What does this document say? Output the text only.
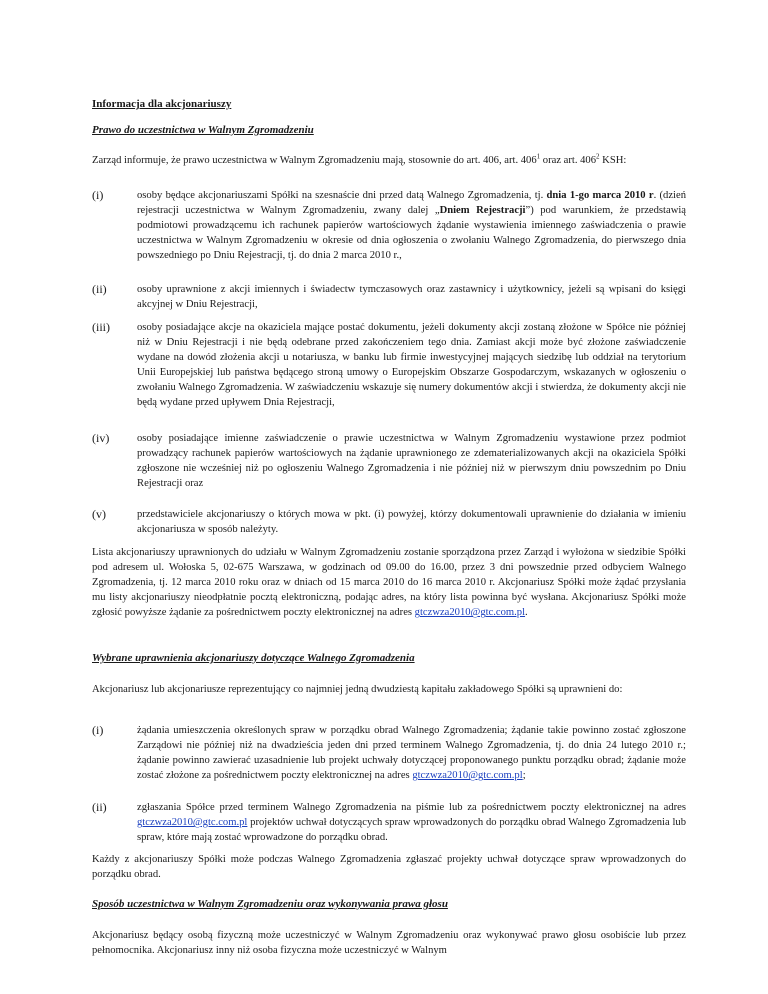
Informacja dla akcjonariuszy

Prawo do uczestnictwa w Walnym Zgromadzeniu

Zarząd informuje, że prawo uczestnictwa w Walnym Zgromadzeniu mają, stosownie do art. 406, art. $406^1$ oraz art. $406^2$ KSH:

(i)	osoby będące akcjonariuszami Spółki na szesnaście dni przed datą Walnego Zgromadzenia, tj. dnia 1-go marca 2010 r. (dzień rejestracji uczestnictwa w Walnym Zgromadzeniu, zwany dalej „Dniem Rejestracji”) pod warunkiem, że przedstawią podmiotowi prowadzącemu ich rachunek papierów wartościowych żądanie wystawienia imiennego zaświadczenia o prawie uczestnictwa w Walnym Zgromadzeniu w okresie od dnia ogłoszenia o zwołaniu Walnego Zgromadzenia, do pierwszego dnia powszedniego po Dniu Rejestracji, tj. do dnia 2 marca 2010 r.,

(ii)	osoby uprawnione z akcji imiennych i świadectw tymczasowych oraz zastawnicy i użytkownicy, jeżeli są wpisani do księgi akcyjnej w Dniu Rejestracji,

(iii)	osoby posiadające akcje na okaziciela mające postać dokumentu, jeżeli dokumenty akcji zostaną złożone w Spółce nie później niż w Dniu Rejestracji i nie będą odebrane przed zakończeniem tego dnia. Zamiast akcji może być złożone zaświadczenie wydane na dowód złożenia akcji u notariusza, w banku lub firmie inwestycyjnej mających siedzibę lub oddział na terytorium Unii Europejskiej lub państwa będącego stroną umowy o Europejskim Obszarze Gospodarczym, wskazanych w ogłoszeniu o zwołaniu Walnego Zgromadzenia. W zaświadczeniu wskazuje się numery dokumentów akcji i stwierdza, że dokumenty akcji nie będą wydane przed upływem Dnia Rejestracji,

(iv)	osoby posiadające imienne zaświadczenie o prawie uczestnictwa w Walnym Zgromadzeniu wystawione przez podmiot prowadzący rachunek papierów wartościowych na żądanie uprawnionego ze zdematerializowanych akcji na okaziciela Spółki zgłoszone nie wcześniej niż po ogłoszeniu Walnego Zgromadzenia i nie później niż w pierwszym dniu powszednim po Dniu Rejestracji oraz

(v)	przedstawiciele akcjonariuszy o których mowa w pkt. (i) powyżej, którzy dokumentowali uprawnienie do działania w imieniu akcjonariusza w sposób należyty.

Lista akcjonariuszy uprawnionych do udziału w Walnym Zgromadzeniu zostanie sporządzona przez Zarząd i wyłożona w siedzibie Spółki pod adresem ul. Wołoska 5, 02-675 Warszawa, w godzinach od 09.00 do 16.00, przez 3 dni powszednie przed odbyciem Walnego Zgromadzenia, tj. 12 marca 2010 roku oraz w dniach od 15 marca 2010 do 16 marca 2010 r. Akcjonariusz Spółki może żądać przysłania mu listy akcjonariuszy nieodpłatnie pocztą elektroniczną, podając adres, na który lista powinna być wysłana. Akcjonariusz Spółki może zgłosić powyższe żądanie za pośrednictwem poczty elektronicznej na adres gtczwza2010@gtc.com.pl.

Wybrane uprawnienia akcjonariuszy dotyczące Walnego Zgromadzenia

Akcjonariusz lub akcjonariusze reprezentujący co najmniej jedną dwudziestą kapitału zakładowego Spółki są uprawnieni do:

(i)	żądania umieszczenia określonych spraw w porządku obrad Walnego Zgromadzenia; żądanie takie powinno zostać zgłoszone Zarządowi nie później niż na dwadzieścia jeden dni przed terminem Walnego Zgromadzenia, tj. do dnia 24 lutego 2010 r.; żądanie powinno zawierać uzasadnienie lub projekt uchwały dotyczącej proponowanego punktu porządku obrad; żądanie może zostać złożone za pośrednictwem poczty elektronicznej na adres gtczwza2010@gtc.com.pl;

(ii)	zgłaszania Spółce przed terminem Walnego Zgromadzenia na piśmie lub za pośrednictwem poczty elektronicznej na adres gtczwza2010@gtc.com.pl projektów uchwał dotyczących spraw wprowadzonych do porządku obrad Walnego Zgromadzenia lub spraw, które mają zostać wprowadzone do porządku obrad.

Każdy z akcjonariuszy Spółki może podczas Walnego Zgromadzenia zgłaszać projekty uchwał dotyczące spraw wprowadzonych do porządku obrad.

Sposób uczestnictwa w Walnym Zgromadzeniu oraz wykonywania prawa głosu

Akcjonariusz będący osobą fizyczną może uczestniczyć w Walnym Zgromadzeniu oraz wykonywać prawo głosu osobiście lub przez pełnomocnika. Akcjonariusz inny niż osoba fizyczna może uczestniczyć w Walnym
